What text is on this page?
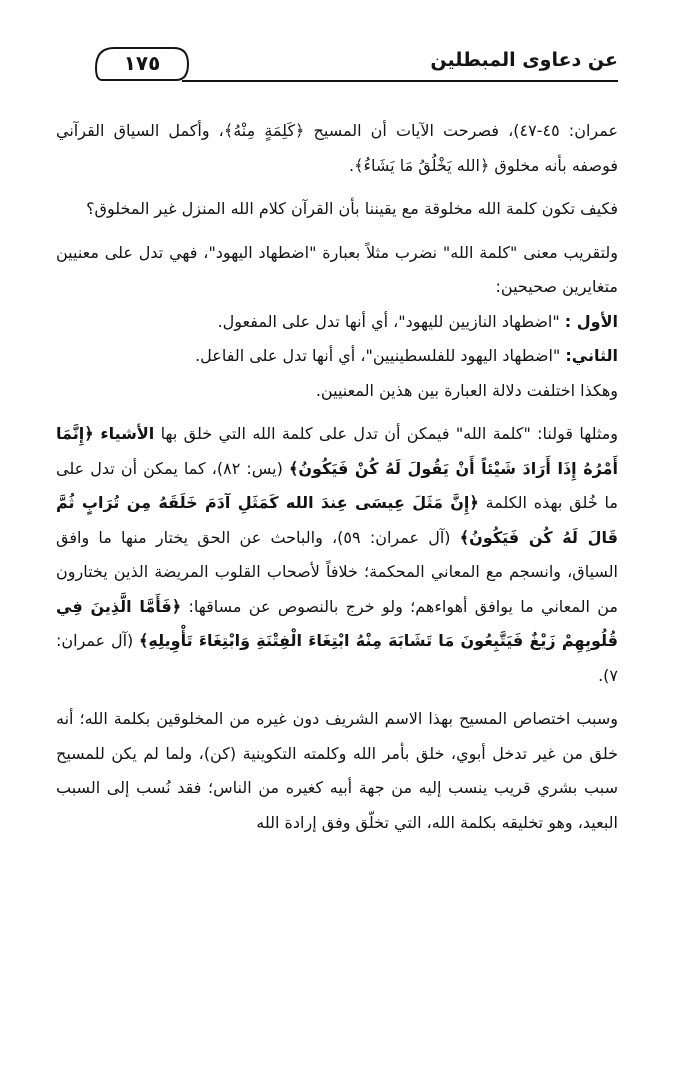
عن دعاوى المبطلين
١٧٥

عمران: ٤٥-٤٧)، فصرحت الآيات أن المسيح ﴿كَلِمَةٍ مِنْهُ﴾، وأكمل السياق القرآني فوصفه بأنه مخلوق ﴿الله يَخْلُقُ مَا يَشَاءُ﴾.

فكيف تكون كلمة الله مخلوقة مع يقيننا بأن القرآن كلام الله المنزل غير المخلوق؟

ولتقريب معنى "كلمة الله" نضرب مثلاً بعبارة "اضطهاد اليهود"، فهي تدل على معنيين متغايرين صحيحين:

الأول : "اضطهاد النازيين لليهود"، أي أنها تدل على المفعول.

الثاني: "اضطهاد اليهود للفلسطينيين"، أي أنها تدل على الفاعل.

وهكذا اختلفت دلالة العبارة بين هذين المعنيين.

ومثلها قولنا: "كلمة الله" فيمكن أن تدل على كلمة الله التي خلق بها الأشياء ﴿إِنَّمَا أَمْرُهُ إِذَا أَرَادَ شَيْئاً أَنْ يَقُولَ لَهُ كُنْ فَيَكُونُ﴾ (يس: ٨٢)، كما يمكن أن تدل على ما خُلق بهذه الكلمة ﴿إِنَّ مَثَلَ عِيسَى عِندَ الله كَمَثَلِ آدَمَ خَلَقَهُ مِن تُرَابٍ ثُمَّ قَالَ لَهُ كُن فَيَكُونُ﴾ (آل عمران: ٥٩)، والباحث عن الحق يختار منها ما وافق السياق، وانسجم مع المعاني المحكمة؛ خلافاً لأصحاب القلوب المريضة الذين يختارون من المعاني ما يوافق أهواءهم؛ ولو خرج بالنصوص عن مساقها: ﴿فَأَمَّا الَّذِينَ فِي قُلُوبِهِمْ زَيْغٌ فَيَتَّبِعُونَ مَا تَشَابَهَ مِنْهُ ابْتِغَاءَ الْفِتْنَةِ وَابْتِغَاءَ تَأْوِيلِهِ﴾ (آل عمران: ٧).

وسبب اختصاص المسيح بهذا الاسم الشريف دون غيره من المخلوقين بكلمة الله؛ أنه خلق من غير تدخل أبوي، خلق بأمر الله وكلمته التكوينية (كن)، ولما لم يكن للمسيح سبب بشري قريب ينسب إليه من جهة أبيه كغيره من الناس؛ فقد نُسب إلى السبب البعيد، وهو تخليقه بكلمة الله، التي تخلّق وفق إرادة الله
